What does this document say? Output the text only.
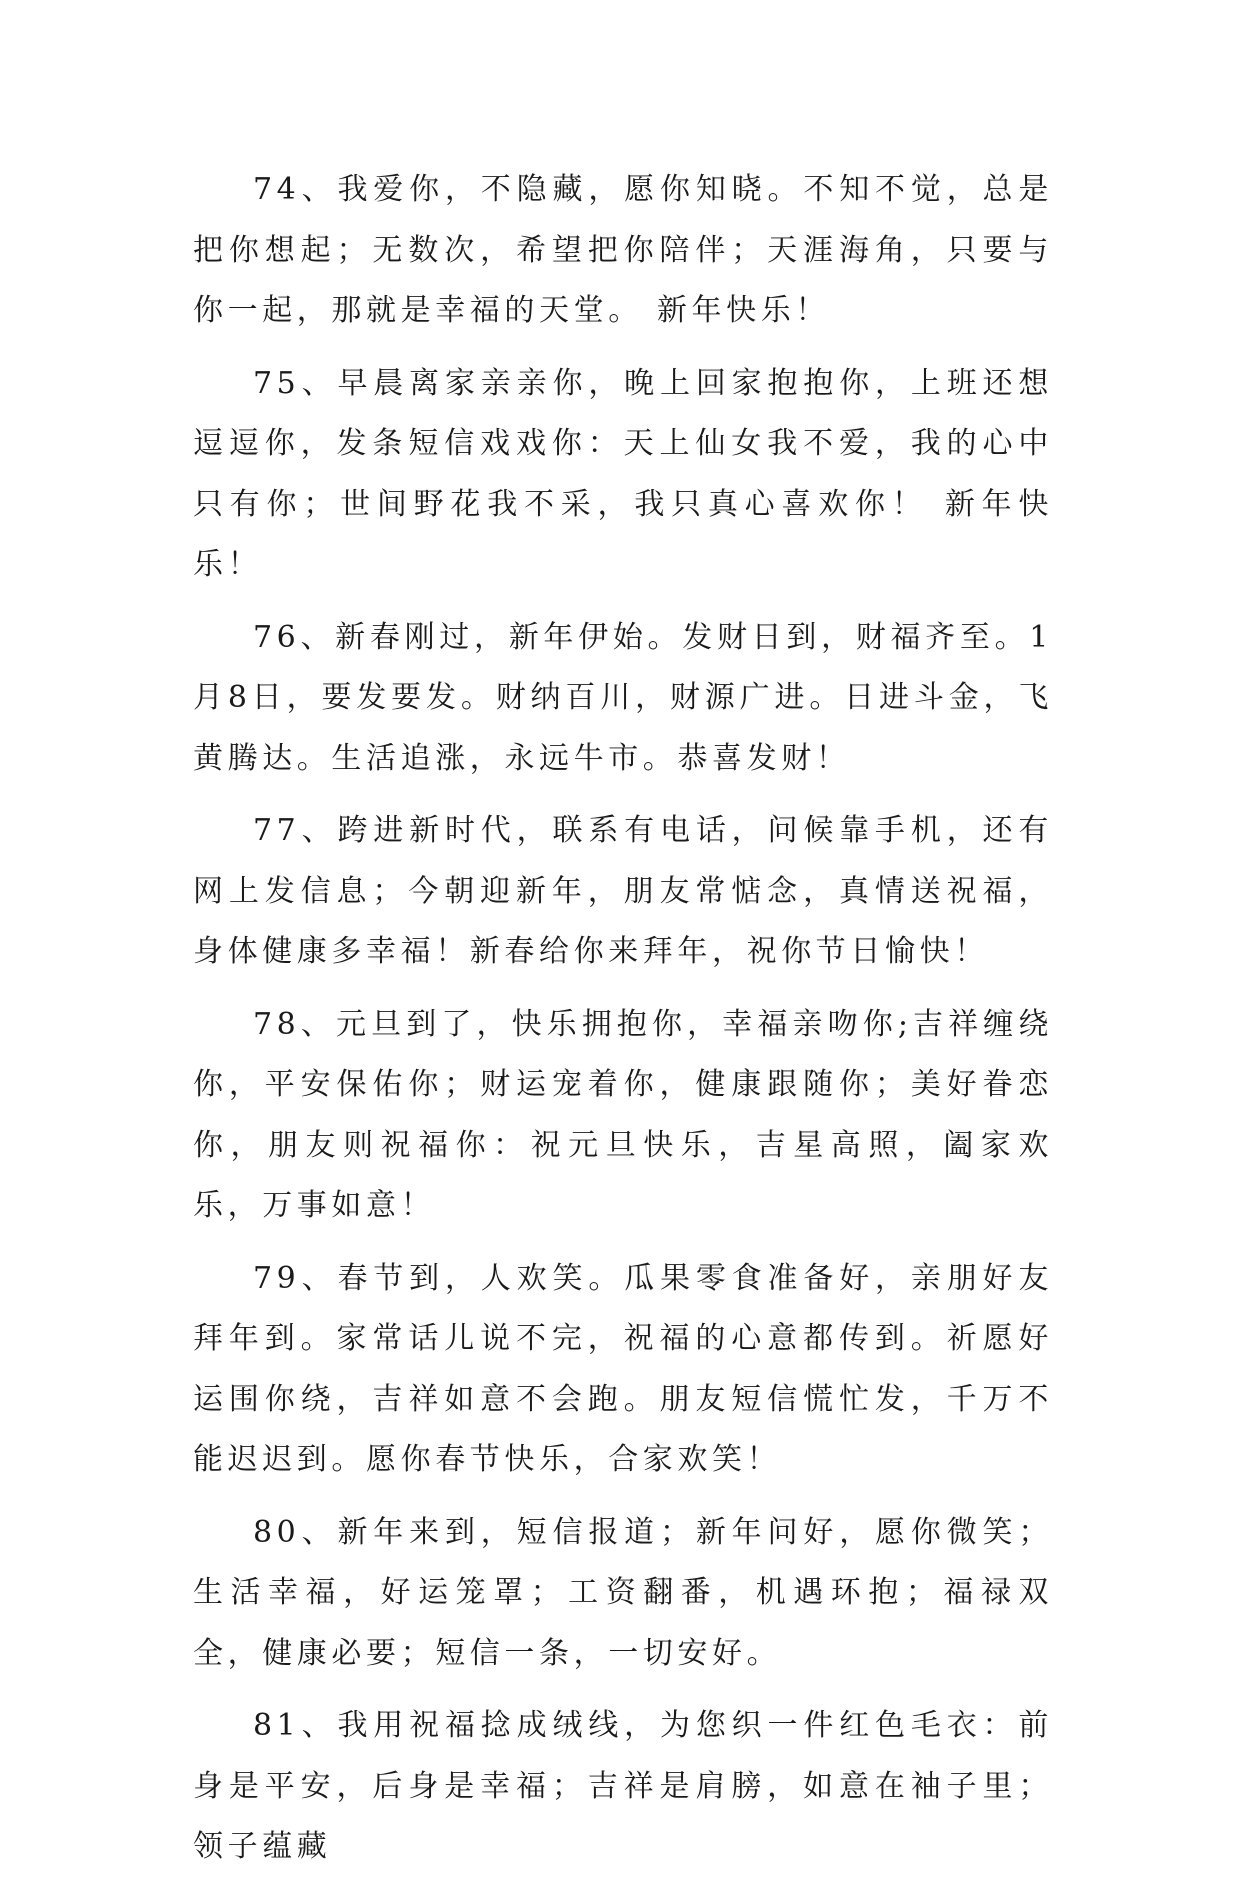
74、我爱你，不隐藏，愿你知晓。不知不觉，总是把你想起；无数次，希望把你陪伴；天涯海角，只要与你一起，那就是幸福的天堂。 新年快乐！

75、早晨离家亲亲你，晚上回家抱抱你，上班还想逗逗你，发条短信戏戏你：天上仙女我不爱，我的心中只有你；世间野花我不采，我只真心喜欢你！ 新年快乐！

76、新春刚过，新年伊始。发财日到，财福齐至。1月8日，要发要发。财纳百川，财源广进。日进斗金，飞黄腾达。生活追涨，永远牛市。恭喜发财！

77、跨进新时代，联系有电话，问候靠手机，还有网上发信息；今朝迎新年，朋友常惦念，真情送祝福，身体健康多幸福！新春给你来拜年，祝你节日愉快！

78、元旦到了，快乐拥抱你，幸福亲吻你;吉祥缠绕你，平安保佑你；财运宠着你，健康跟随你；美好眷恋你，朋友则祝福你：祝元旦快乐，吉星高照，阖家欢乐，万事如意！

79、春节到，人欢笑。瓜果零食准备好，亲朋好友拜年到。家常话儿说不完，祝福的心意都传到。祈愿好运围你绕，吉祥如意不会跑。朋友短信慌忙发，千万不能迟迟到。愿你春节快乐，合家欢笑！

80、新年来到，短信报道；新年问好，愿你微笑；生活幸福，好运笼罩；工资翻番，机遇环抱；福禄双全，健康必要；短信一条，一切安好。

81、我用祝福捻成绒线，为您织一件红色毛衣：前身是平安，后身是幸福；吉祥是肩膀，如意在袖子里；领子蕴藏
